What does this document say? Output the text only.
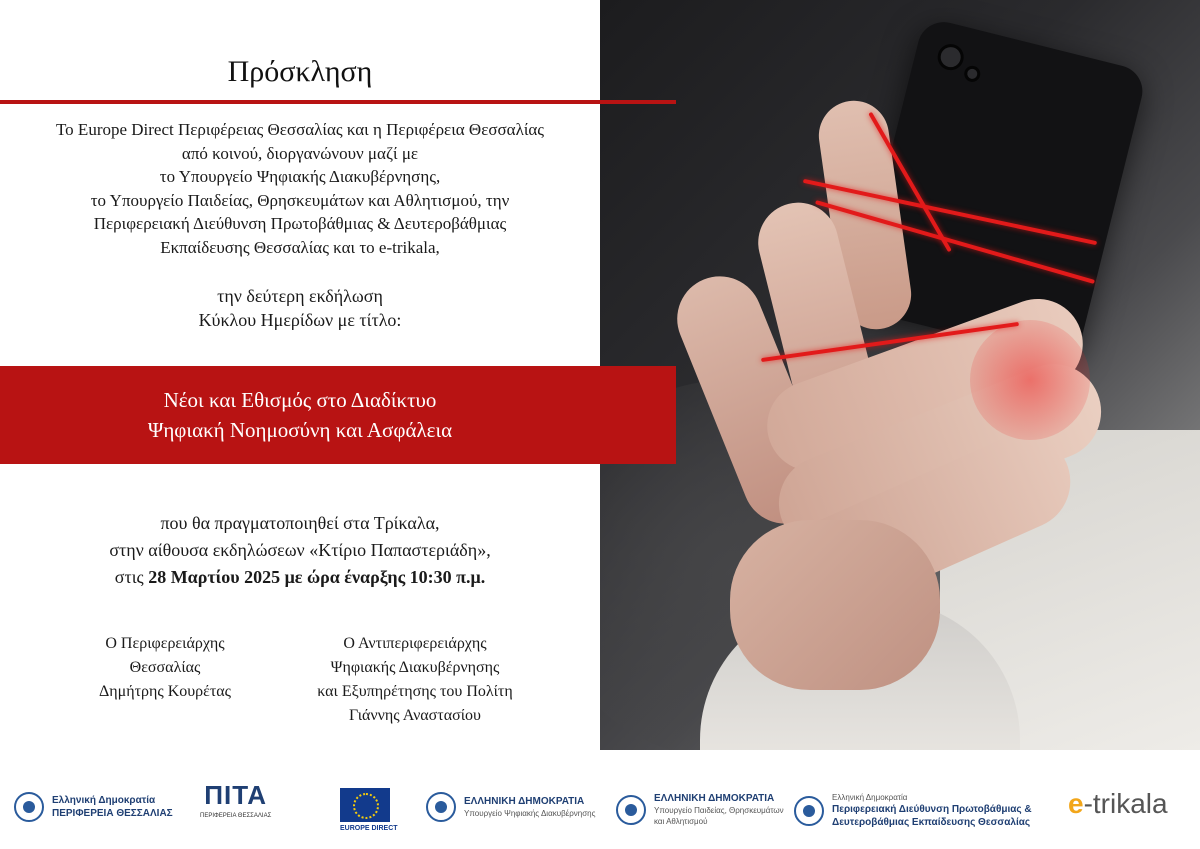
Πρόσκληση
Το Europe Direct Περιφέρειας Θεσσαλίας και η Περιφέρεια Θεσσαλίας
από κοινού, διοργανώνουν μαζί με
το Υπουργείο Ψηφιακής Διακυβέρνησης,
το Υπουργείο Παιδείας, Θρησκευμάτων και Αθλητισμού, την
Περιφερειακή Διεύθυνση Πρωτοβάθμιας & Δευτεροβάθμιας
Εκπαίδευσης Θεσσαλίας και το e-trikala,
την δεύτερη εκδήλωση
Κύκλου Ημερίδων με τίτλο:
που θα πραγματοποιηθεί στα Τρίκαλα,
στην αίθουσα εκδηλώσεων «Κτίριο Παπαστεριάδη»,
στις 28 Μαρτίου 2025 με ώρα έναρξης 10:30 π.μ.
Ο Περιφερειάρχης
Θεσσαλίας
Δημήτρης Κουρέτας
Ο Αντιπεριφερειάρχης
Ψηφιακής Διακυβέρνησης
και Εξυπηρέτησης του Πολίτη
Γιάννης Αναστασίου
Νέοι και Εθισμός στο Διαδίκτυο
Ψηφιακή Νοημοσύνη και Ασφάλεια
Ελληνική Δημοκρατία
ΠΕΡΙΦΕΡΕΙΑ ΘΕΣΣΑΛΙΑΣ
ΠΙΤΑ
ΠΕΡΙΦΕΡΕΙΑ ΘΕΣΣΑΛΙΑΣ
EUROPE DIRECT
ΕΛΛΗΝΙΚΗ ΔΗΜΟΚΡΑΤΙΑ
Υπουργείο Ψηφιακής Διακυβέρνησης
ΕΛΛΗΝΙΚΗ ΔΗΜΟΚΡΑΤΙΑ
Υπουργείο Παιδείας, Θρησκευμάτων και Αθλητισμού
Ελληνική Δημοκρατία
Περιφερειακή Διεύθυνση Πρωτοβάθμιας & Δευτεροβάθμιας Εκπαίδευσης Θεσσαλίας
e-trikala
